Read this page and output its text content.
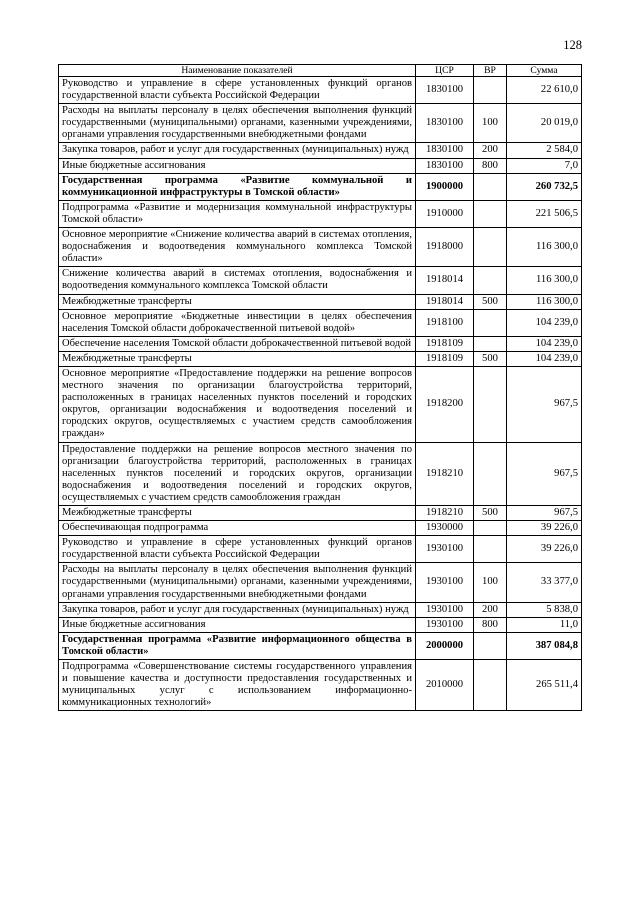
128
Наименование показателей	ЦСР	ВР	Сумма
Руководство и управление в сфере установленных функций органов государственной власти субъекта Российской Федерации	1830100		22 610,0
Расходы на выплаты персоналу в целях обеспечения выполнения функций государственными (муниципальными) органами, казенными учреждениями, органами управления государственными внебюджетными фондами	1830100	100	20 019,0
Закупка товаров, работ и услуг для государственных (муниципальных) нужд	1830100	200	2 584,0
Иные бюджетные ассигнования	1830100	800	7,0
Государственная программа «Развитие коммунальной и коммуникационной инфраструктуры в Томской области»	1900000		260 732,5
Подпрограмма «Развитие и модернизация коммунальной инфраструктуры Томской области»	1910000		221 506,5
Основное мероприятие «Снижение количества аварий в системах отопления, водоснабжения и водоотведения коммунального комплекса Томской области»	1918000		116 300,0
Снижение количества аварий в системах отопления, водоснабжения и водоотведения коммунального комплекса Томской области	1918014		116 300,0
Межбюджетные трансферты	1918014	500	116 300,0
Основное мероприятие «Бюджетные инвестиции в целях обеспечения населения Томской области доброкачественной питьевой водой»	1918100		104 239,0
Обеспечение населения Томской области доброкачественной питьевой водой	1918109		104 239,0
Межбюджетные трансферты	1918109	500	104 239,0
Основное мероприятие «Предоставление поддержки на решение вопросов местного значения по организации благоустройства территорий, расположенных в границах населенных пунктов поселений и городских округов, организации водоснабжения и водоотведения поселений и городских округов, осуществляемых с участием средств самообложения граждан»	1918200		967,5
Предоставление поддержки на решение вопросов местного значения по организации благоустройства территорий, расположенных в границах населенных пунктов поселений и городских округов, организации водоснабжения и водоотведения поселений и городских округов, осуществляемых с участием средств самообложения граждан	1918210		967,5
Межбюджетные трансферты	1918210	500	967,5
Обеспечивающая подпрограмма	1930000		39 226,0
Руководство и управление в сфере установленных функций органов государственной власти субъекта Российской Федерации	1930100		39 226,0
Расходы на выплаты персоналу в целях обеспечения выполнения функций государственными (муниципальными) органами, казенными учреждениями, органами управления государственными внебюджетными фондами	1930100	100	33 377,0
Закупка товаров, работ и услуг для государственных (муниципальных) нужд	1930100	200	5 838,0
Иные бюджетные ассигнования	1930100	800	11,0
Государственная программа «Развитие информационного общества в Томской области»	2000000		387 084,8
Подпрограмма «Совершенствование системы государственного управления и повышение качества и доступности предоставления государственных и муниципальных услуг с использованием информационно-коммуникационных технологий»	2010000		265 511,4
